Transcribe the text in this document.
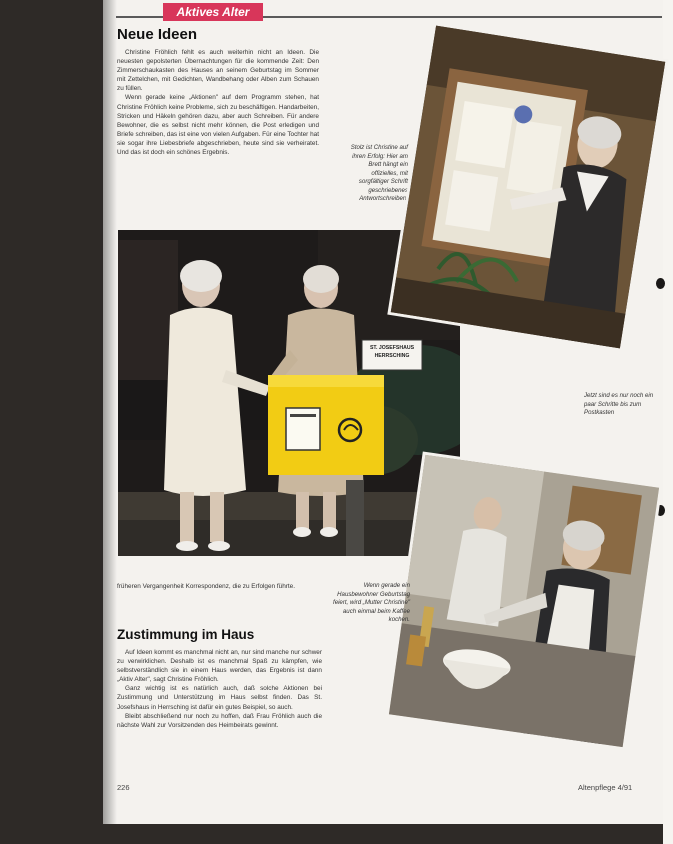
Aktives Alter
Neue Ideen

Christine Fröhlich fehlt es auch weiterhin nicht an Ideen. Die neuesten gepolsterten Übernachtungen für die kommende Zeit: Den Zimmerschaukasten des Hauses an seinem Geburtstag im Sommer mit Zettelchen, mit Gedichten, Wandbehang oder Alben zum Schauen zu füllen.

Wenn gerade keine „Aktionen" auf dem Programm stehen, hat Christine Fröhlich keine Probleme, sich zu beschäftigen. Handarbeiten, Stricken und Häkeln gehören dazu, aber auch Schreiben. Für andere Bewohner, die es selbst nicht mehr können, die Post erledigen und Briefe schreiben, das ist eine von vielen Aufgaben. Für eine Tochter hat sie sogar ihre Liebesbriefe abgeschrieben, heute sind sie verheiratet. Und das ist doch ein schönes Ergebnis.

Stolz ist Christine auf ihren Erfolg: Hier am Brett hängt ein offizielles, mit sorgfältiger Schrift geschriebenes Antwortschreiben.
ST. JOSEFSHAUS
HERRSCHING
Jetzt sind es nur noch ein paar Schritte bis zum Postkasten
früheren Vergangenheit Korrespondenz, die zu Erfolgen führte.	Wenn gerade ein Hausbewohner Geburtstag feiert, wird „Mutter Christine" auch einmal beim Kaffee kochen.
Zustimmung im Haus

Auf Ideen kommt es manchmal nicht an, nur sind manche nur schwer zu verwirklichen. Deshalb ist es manchmal Spaß zu kämpfen, wie selbstverständlich sie in einem Haus werden, das Ergebnis ist dann „Aktiv Alter", sagt Christine Fröhlich.

Ganz wichtig ist es natürlich auch, daß solche Aktionen bei Zustimmung und Unterstützung im Haus selbst finden. Das St. Josefshaus in Herrsching ist dafür ein gutes Beispiel, so auch.

Bleibt abschließend nur noch zu hoffen, daß Frau Fröhlich auch die nächste Wahl zur Vorsitzenden des Heimbeirats gewinnt.

226	Altenpflege 4/91
